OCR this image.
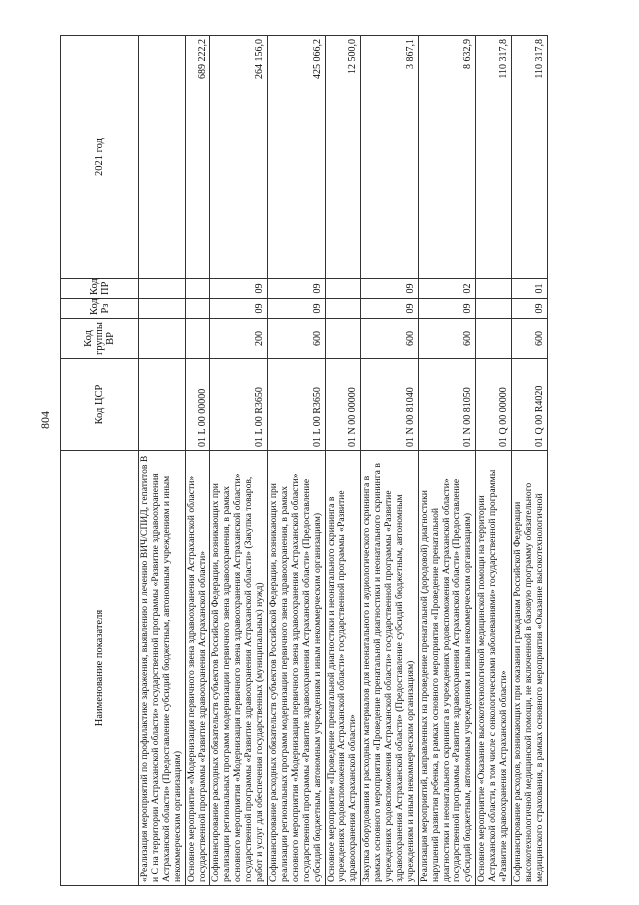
804
Наименование показателя	Код ЦСР	Код группы ВР	Код Рз	Код ПР	2021 год
«Реализация мероприятий по профилактике заражения, выявлению и лечению ВИЧ/СПИД, гепатитов В и С на территории Астраханской области» государственной программы «Развитие здравоохранения Астраханской области» (Предоставление субсидий бюджетным, автономным учреждениям и иным некоммерческим организациям)					
Основное мероприятие «Модернизация первичного звена здравоохранения Астраханской области» государственной программы «Развитие здравоохранения Астраханской области»	01 L 00 00000				689 222,2
Софинансирование расходных обязательств субъектов Российской Федерации, возникающих при реализации региональных программ модернизации первичного звена здравоохранения, в рамках основного мероприятия «Модернизация первичного звена здравоохранения Астраханской области» государственной программы «Развитие здравоохранения Астраханской области» (Закупка товаров, работ и услуг для обеспечения государственных (муниципальных) нужд)	01 L 00 R3650	200	09	09	264 156,0
Софинансирование расходных обязательств субъектов Российской Федерации, возникающих при реализации региональных программ модернизации первичного звена здравоохранения, в рамках основного мероприятия «Модернизация первичного звена здравоохранения Астраханской области» государственной программы «Развитие здравоохранения Астраханской области» (Предоставление субсидий бюджетным, автономным учреждениям и иным некоммерческим организациям)	01 L 00 R3650	600	09	09	425 066,2
Основное мероприятие «Проведение пренатальной диагностики и неонатального скрининга в учреждениях родовспоможения Астраханской области» государственной программы «Развитие здравоохранения Астраханской области»	01 N 00 00000				12 500,0
Закупка оборудования и расходных материалов для неонатального и аудиологического скрининга в рамках основного мероприятия «Проведение пренатальной диагностики и неонатального скрининга в учреждениях родовспоможения Астраханской области» государственной программы «Развитие здравоохранения Астраханской области» (Предоставление субсидий бюджетным, автономным учреждениям и иным некоммерческим организациям)	01 N 00 81040	600	09	09	3 867,1
Реализация мероприятий, направленных на проведение пренатальной (дородовой) диагностики нарушений развития ребенка, в рамках основного мероприятия «Проведение пренатальной диагностики и неонатального скрининга в учреждениях родовспоможения Астраханской области» государственной программы «Развитие здравоохранения Астраханской области» (Предоставление субсидий бюджетным, автономным учреждениям и иным некоммерческим организациям)	01 N 00 81050	600	09	02	8 632,9
Основное мероприятие «Оказание высокотехнологичной медицинской помощи на территории Астраханской области, в том числе с онкологическими заболеваниями» государственной программы «Развитие здравоохранения Астраханской области»	01 Q 00 00000				110 317,8
Софинансирование расходов, возникающих при оказании гражданам Российской Федерации высокотехнологичной медицинской помощи, не включенной в базовую программу обязательного медицинского страхования, в рамках основного мероприятия «Оказание высокотехнологичной	01 Q 00 R4020	600	09	01	110 317,8
